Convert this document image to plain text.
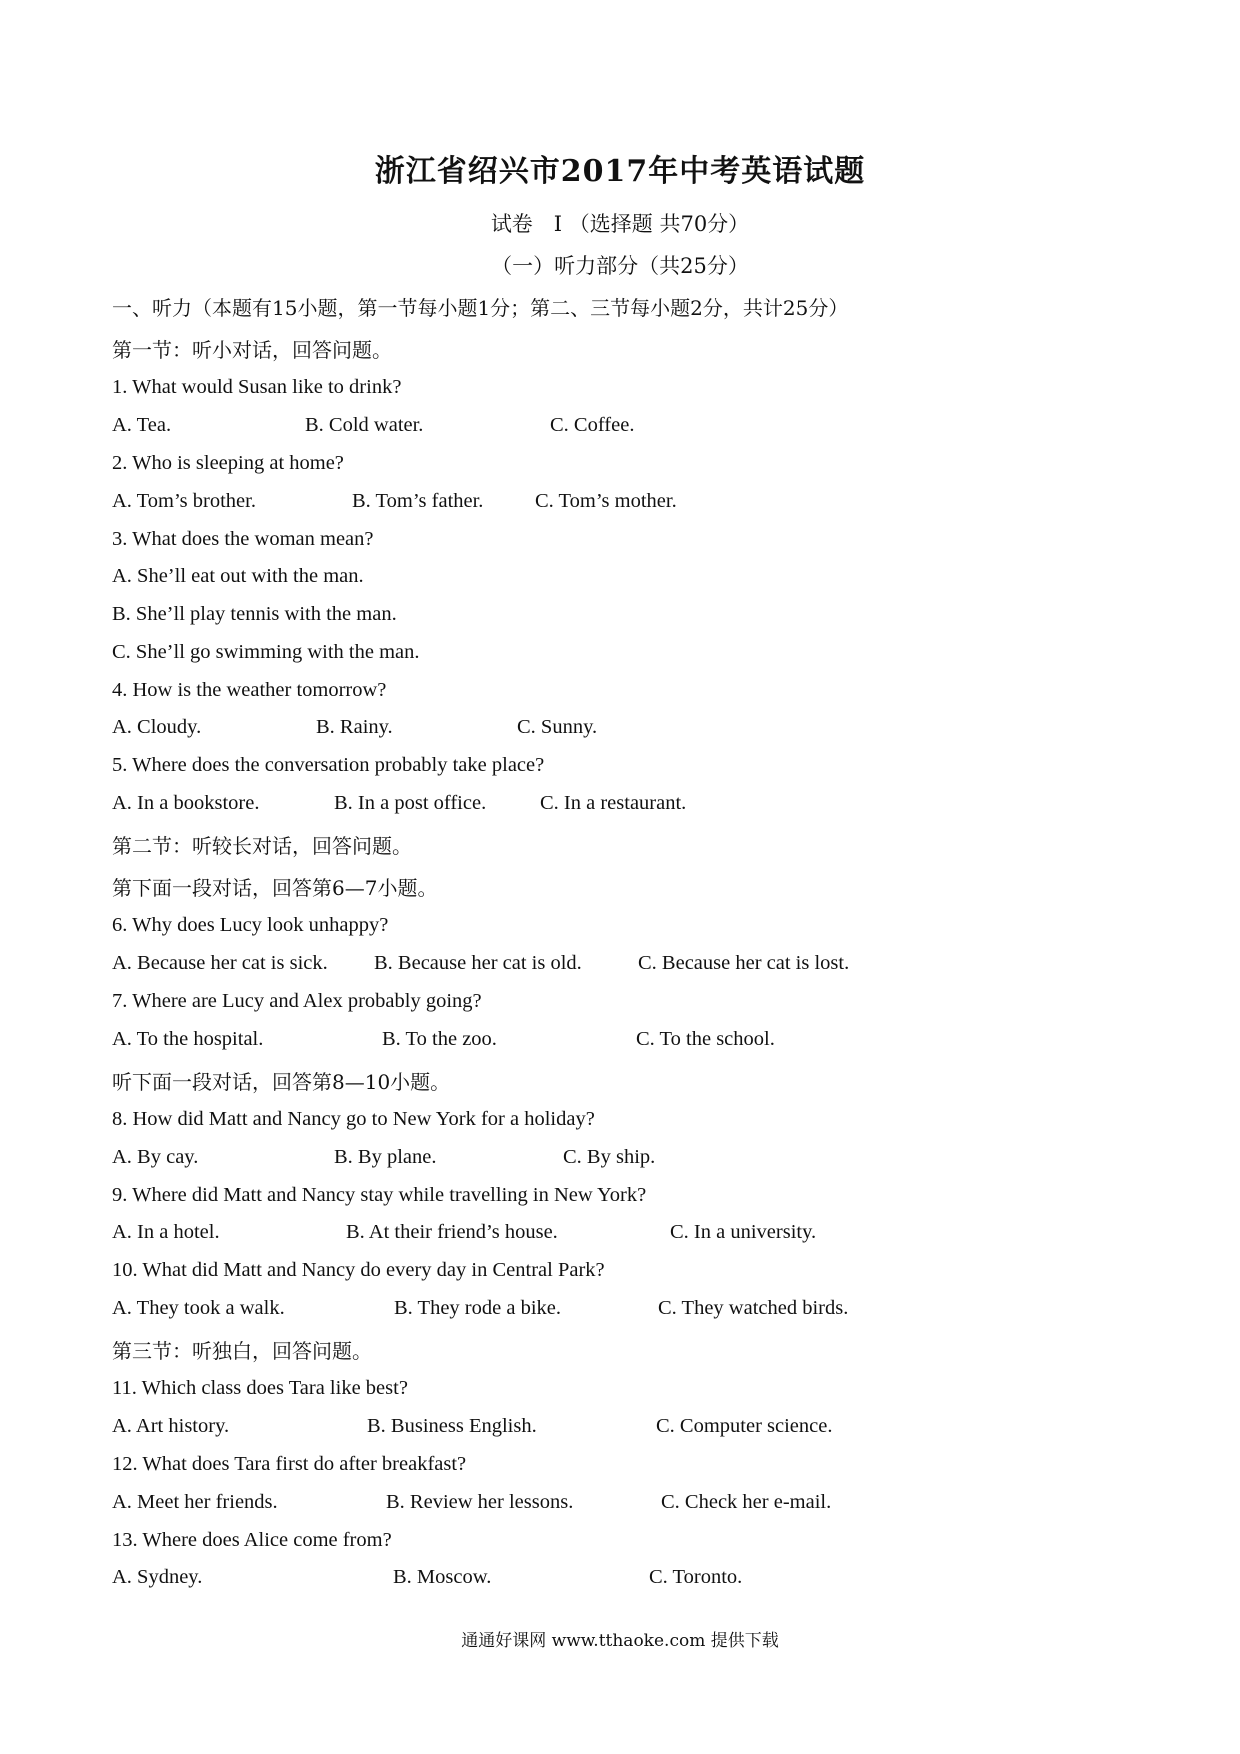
浙江省绍兴市2017年中考英语试题
试卷　I （选择题 共70分）
（一）听力部分（共25分）
一、听力（本题有15小题，第一节每小题1分；第二、三节每小题2分，共计25分）
第一节：听小对话，回答问题。
1. What would Susan like to drink?
A. Tea.	B. Cold water.	C. Coffee.
2. Who is sleeping at home?
A. Tom’s brother.	B. Tom’s father.	C. Tom’s mother.
3. What does the woman mean?
A. She’ll eat out with the man.
B. She’ll play tennis with the man.
C. She’ll go swimming with the man.
4. How is the weather tomorrow?
A. Cloudy.	B. Rainy.	C. Sunny.
5. Where does the conversation probably take place?
A. In a bookstore.	B. In a post office.	C. In a restaurant.
第二节：听较长对话，回答问题。
第下面一段对话，回答第6—7小题。
6. Why does Lucy look unhappy?
A. Because her cat is sick. B. Because her cat is old.	C. Because her cat is lost.
7. Where are Lucy and Alex probably going?
A. To the hospital.	B. To the zoo.	C. To the school.
听下面一段对话，回答第8—10小题。
8. How did Matt and Nancy go to New York for a holiday?
A. By cay.	B. By plane.	C. By ship.
9. Where did Matt and Nancy stay while travelling in New York?
A. In a hotel.	B. At their friend’s house.	C. In a university.
10. What did Matt and Nancy do every day in Central Park?
A. They took a walk.	B. They rode a bike.	C. They watched birds.
第三节：听独白，回答问题。
11. Which class does Tara like best?
A. Art history.	B. Business English.	C. Computer science.
12. What does Tara first do after breakfast?
A. Meet her friends.	B. Review her lessons.	C. Check her e-mail.
13. Where does Alice come from?
A. Sydney.	B. Moscow.	C. Toronto.
通通好课网 www.tthaoke.com 提供下载
